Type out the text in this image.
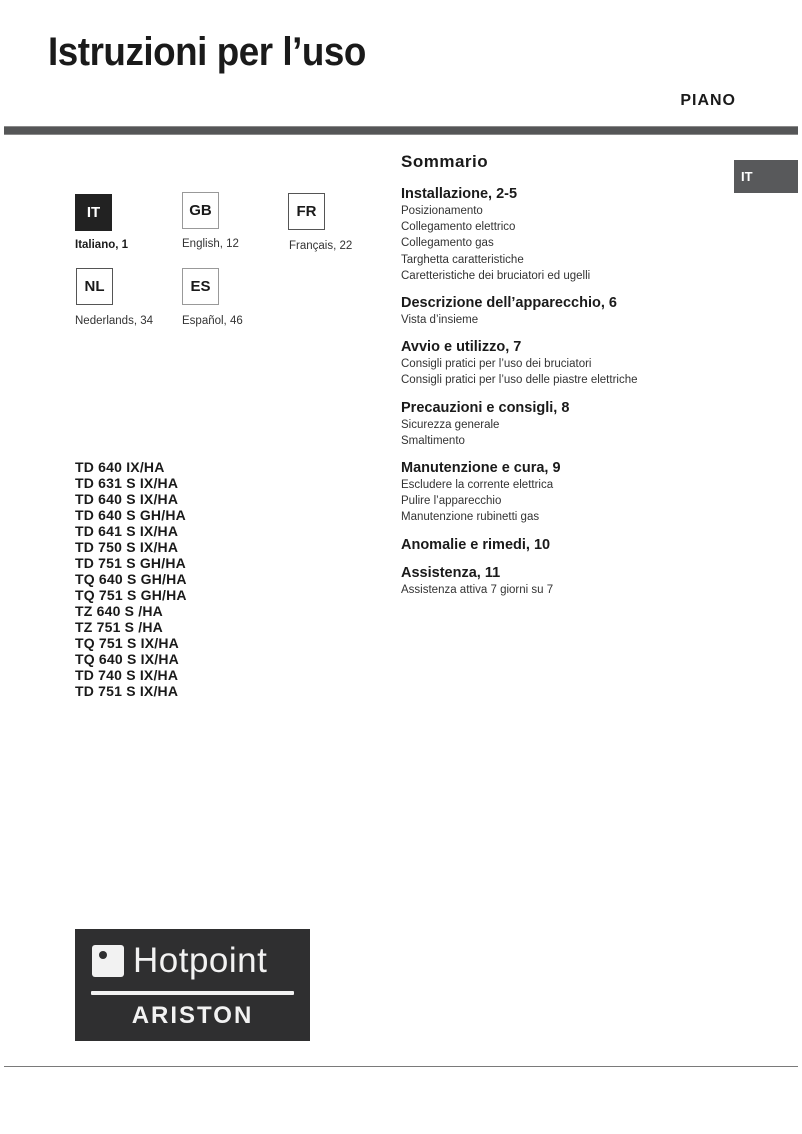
Istruzioni per l’uso
PIANO
IT
Italiano, 1
GB
English, 12
FR
Français, 22
NL
Nederlands, 34
ES
Español, 46
TD 640 IX/HA
TD 631 S IX/HA
TD 640 S IX/HA
TD 640 S GH/HA
TD 641 S IX/HA
TD 750 S IX/HA
TD 751 S GH/HA
TQ 640 S GH/HA
TQ 751 S GH/HA
TZ 640 S /HA
TZ 751 S /HA
TQ 751 S IX/HA
TQ 640 S IX/HA
TD 740 S IX/HA
TD 751 S IX/HA
Sommario
Installazione, 2-5
Posizionamento
Collegamento elettrico
Collegamento gas
Targhetta caratteristiche
Caretteristiche dei bruciatori ed ugelli
Descrizione dell’apparecchio, 6
Vista d’insieme
Avvio e utilizzo, 7
Consigli pratici per l’uso dei bruciatori
Consigli pratici per l’uso delle piastre elettriche
Precauzioni e consigli, 8
Sicurezza generale
Smaltimento
Manutenzione e cura, 9
Escludere la corrente elettrica
Pulire l’apparecchio
Manutenzione rubinetti gas
Anomalie e rimedi, 10
Assistenza, 11
Assistenza attiva 7 giorni su 7
IT
Hotpoint
ARISTON
